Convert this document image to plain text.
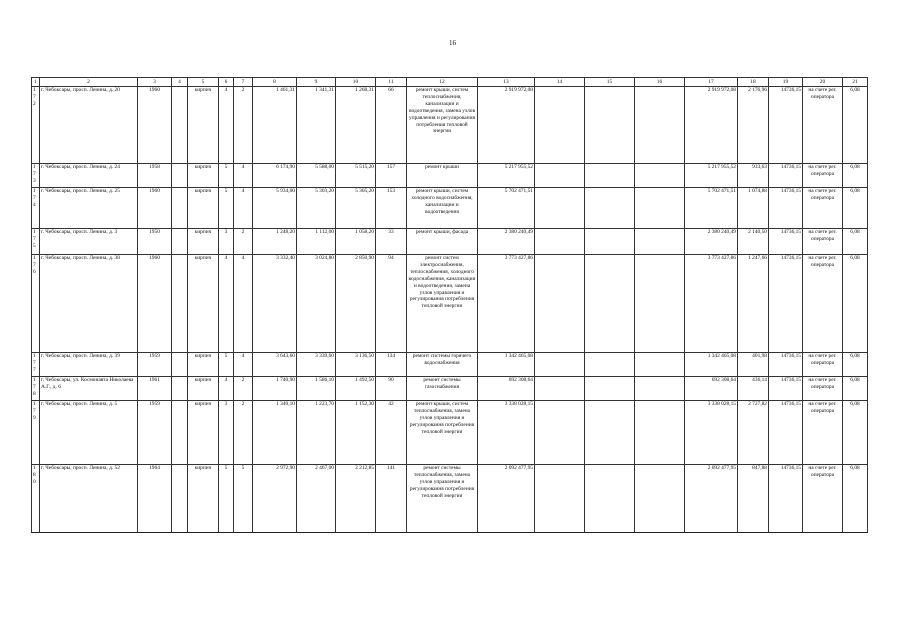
16
1	2	3	4	5	6	7	8	9	10	11	12	13	14	15	16	17	18	19	20	21
172	г. Чебоксары, просп. Ленина, д. 20	1960		кирпич	4	2	1 461,31	1 341,31	1 268,31	66	ремонт крыши, систем теплоснабжения, канализации и водоотведения, замена узлов управления и регулирования потребления тепловой энергии	2 919 972,08				2 919 972,08	2 176,96	14736,15	на счете рег. оператора	6,08
173	г. Чебоксары, просп. Ленина, д. 24	1958		кирпич	5	4	6 174,90	5 588,00	5 515,20	157	ремонт крыши	5 217 955,52				5 217 955,52	933,63	14736,15	на счете рег. оператора	6,08
174	г. Чебоксары, просп. Ленина, д. 25	1960		кирпич	5	4	5 934,00	5 303,20	5 305,20	153	ремонт крыши, систем холодного водоснабжения, канализации и водоотведения	5 702 471,51				5 702 471,51	1 074,88	14736,15	на счете рег. оператора	6,08
175	г. Чебоксары, просп. Ленина, д. 3	1950		кирпич	3	2	1 248,20	1 112,00	1 058,20	33	ремонт крыши, фасада	2 380 240,49				2 380 240,49	2 140,50	14736,15	на счете рег. оператора	6,08
176	г. Чебоксары, просп. Ленина, д. 38	1960		кирпич	4	4	3 332,40	3 024,80	2 850,90	94	ремонт систем электроснабжения, теплоснабжения, холодного водоснабжения, канализации и водоотведения, замена узлов управления и регулирования потребления тепловой энергии	3 773 427,86				3 773 427,86	1 247,66	14736,15	на счете рег. оператора	6,08
177	г. Чебоксары, просп. Ленина, д. 39	1959		кирпич	5	4	3 643,60	3 339,60	3 136,50	134	ремонт системы горячего водоснабжения	1 342 465,08				1 342 465,08	401,98	14736,15	на счете рег. оператора	6,08
178	г. Чебоксары, ул. Космонавта Николаева А.Г., д. 6	1961		кирпич	4	2	1 740,90	1 586,10	1 492,50	90	ремонт системы газоснабжения	692 308,64				692 308,64	436,14	14736,15	на счете рег. оператора	6,08
179	г. Чебоксары, просп. Ленина, д. 5	1959		кирпич	3	2	1 340,10	1 223,70	1 152,30	42	ремонт крыши, систем теплоснабжения, замена узлов управления и регулирования потребления тепловой энергии	3 338 028,15				3 338 028,15	2 727,82	14736,15	на счете рег. оператора	6,08
180	г. Чебоксары, просп. Ленина, д. 52	1964		кирпич	5	5	2 972,90	2 467,00	2 212,85	141	ремонт системы теплоснабжения, замена узлов управления и регулирования потребления тепловой энергии	2 092 477,95				2 092 477,95	847,88	14736,15	на счете рег. оператора	6,08
